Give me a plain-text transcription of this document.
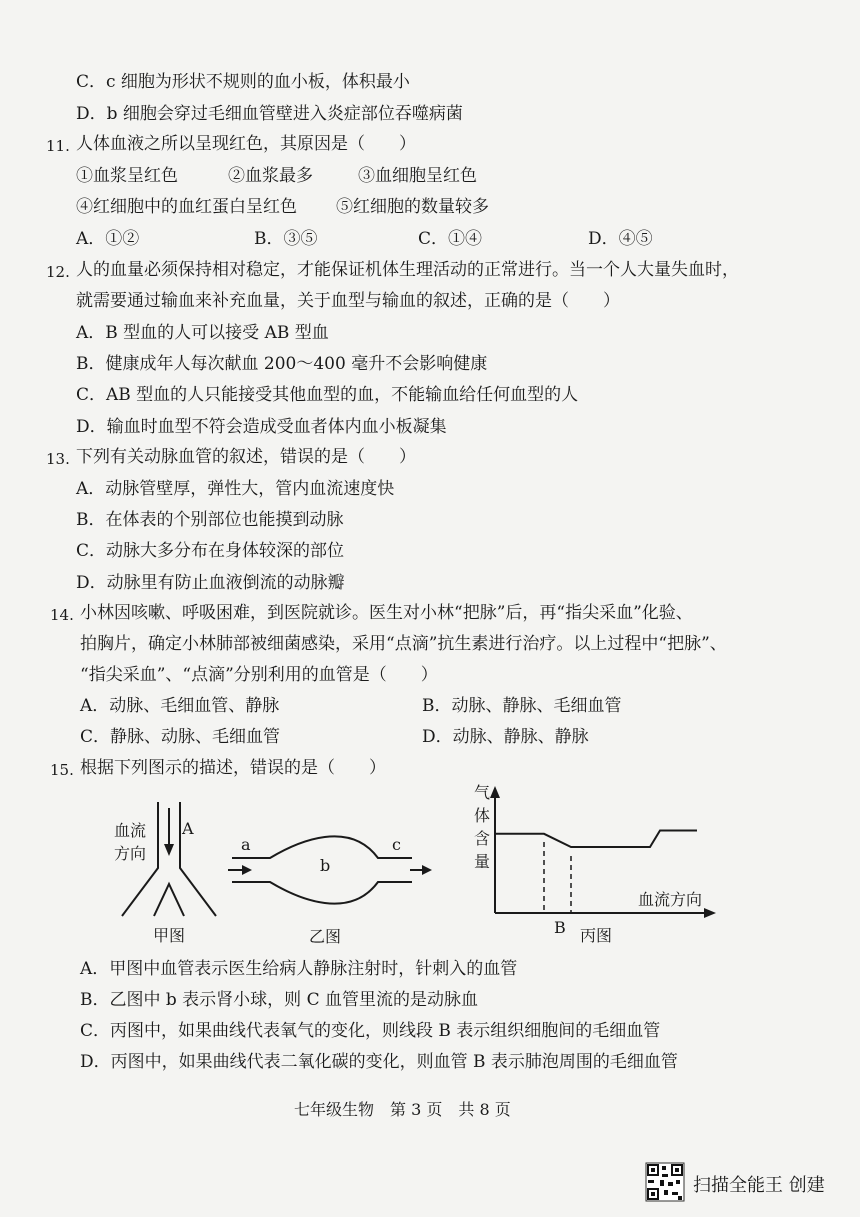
C．c 细胞为形状不规则的血小板，体积最小
D．b 细胞会穿过毛细血管壁进入炎症部位吞噬病菌
11. 人体血液之所以呈现红色，其原因是（　　）
①血浆呈红色	②血浆最多	③血细胞呈红色
④红细胞中的血红蛋白呈红色 ⑤红细胞的数量较多
A．①②	B．③⑤	C．①④	D．④⑤
12. 人的血量必须保持相对稳定，才能保证机体生理活动的正常进行。当一个人大量失血时，
就需要通过输血来补充血量，关于血型与输血的叙述，正确的是（　　）
A．B 型血的人可以接受 AB 型血
B．健康成年人每次献血 200～400 毫升不会影响健康
C．AB 型血的人只能接受其他血型的血，不能输血给任何血型的人
D．输血时血型不符会造成受血者体内血小板凝集
13. 下列有关动脉血管的叙述，错误的是（　　）
A．动脉管壁厚，弹性大，管内血流速度快
B．在体表的个别部位也能摸到动脉
C．动脉大多分布在身体较深的部位
D．动脉里有防止血液倒流的动脉瓣
14. 小林因咳嗽、呼吸困难，到医院就诊。医生对小林“把脉”后，再“指尖采血”化验、
拍胸片，确定小林肺部被细菌感染，采用“点滴”抗生素进行治疗。以上过程中“把脉”、
“指尖采血”、“点滴”分别利用的血管是（　　）
A．动脉、毛细血管、静脉	B．动脉、静脉、毛细血管
C．静脉、动脉、毛细血管	D．动脉、静脉、静脉
15. 根据下列图示的描述，错误的是（　　）
血流
方向
A
甲图
a
b
c
乙图
气
体
含
量
血流方向
B 丙图
A．甲图中血管表示医生给病人静脉注射时，针刺入的血管
B．乙图中 b 表示肾小球，则 C 血管里流的是动脉血
C．丙图中，如果曲线代表氧气的变化，则线段 B 表示组织细胞间的毛细血管
D．丙图中，如果曲线代表二氧化碳的变化，则血管 B 表示肺泡周围的毛细血管
七年级生物　第 3 页　共 8 页
扫描全能王 创建
